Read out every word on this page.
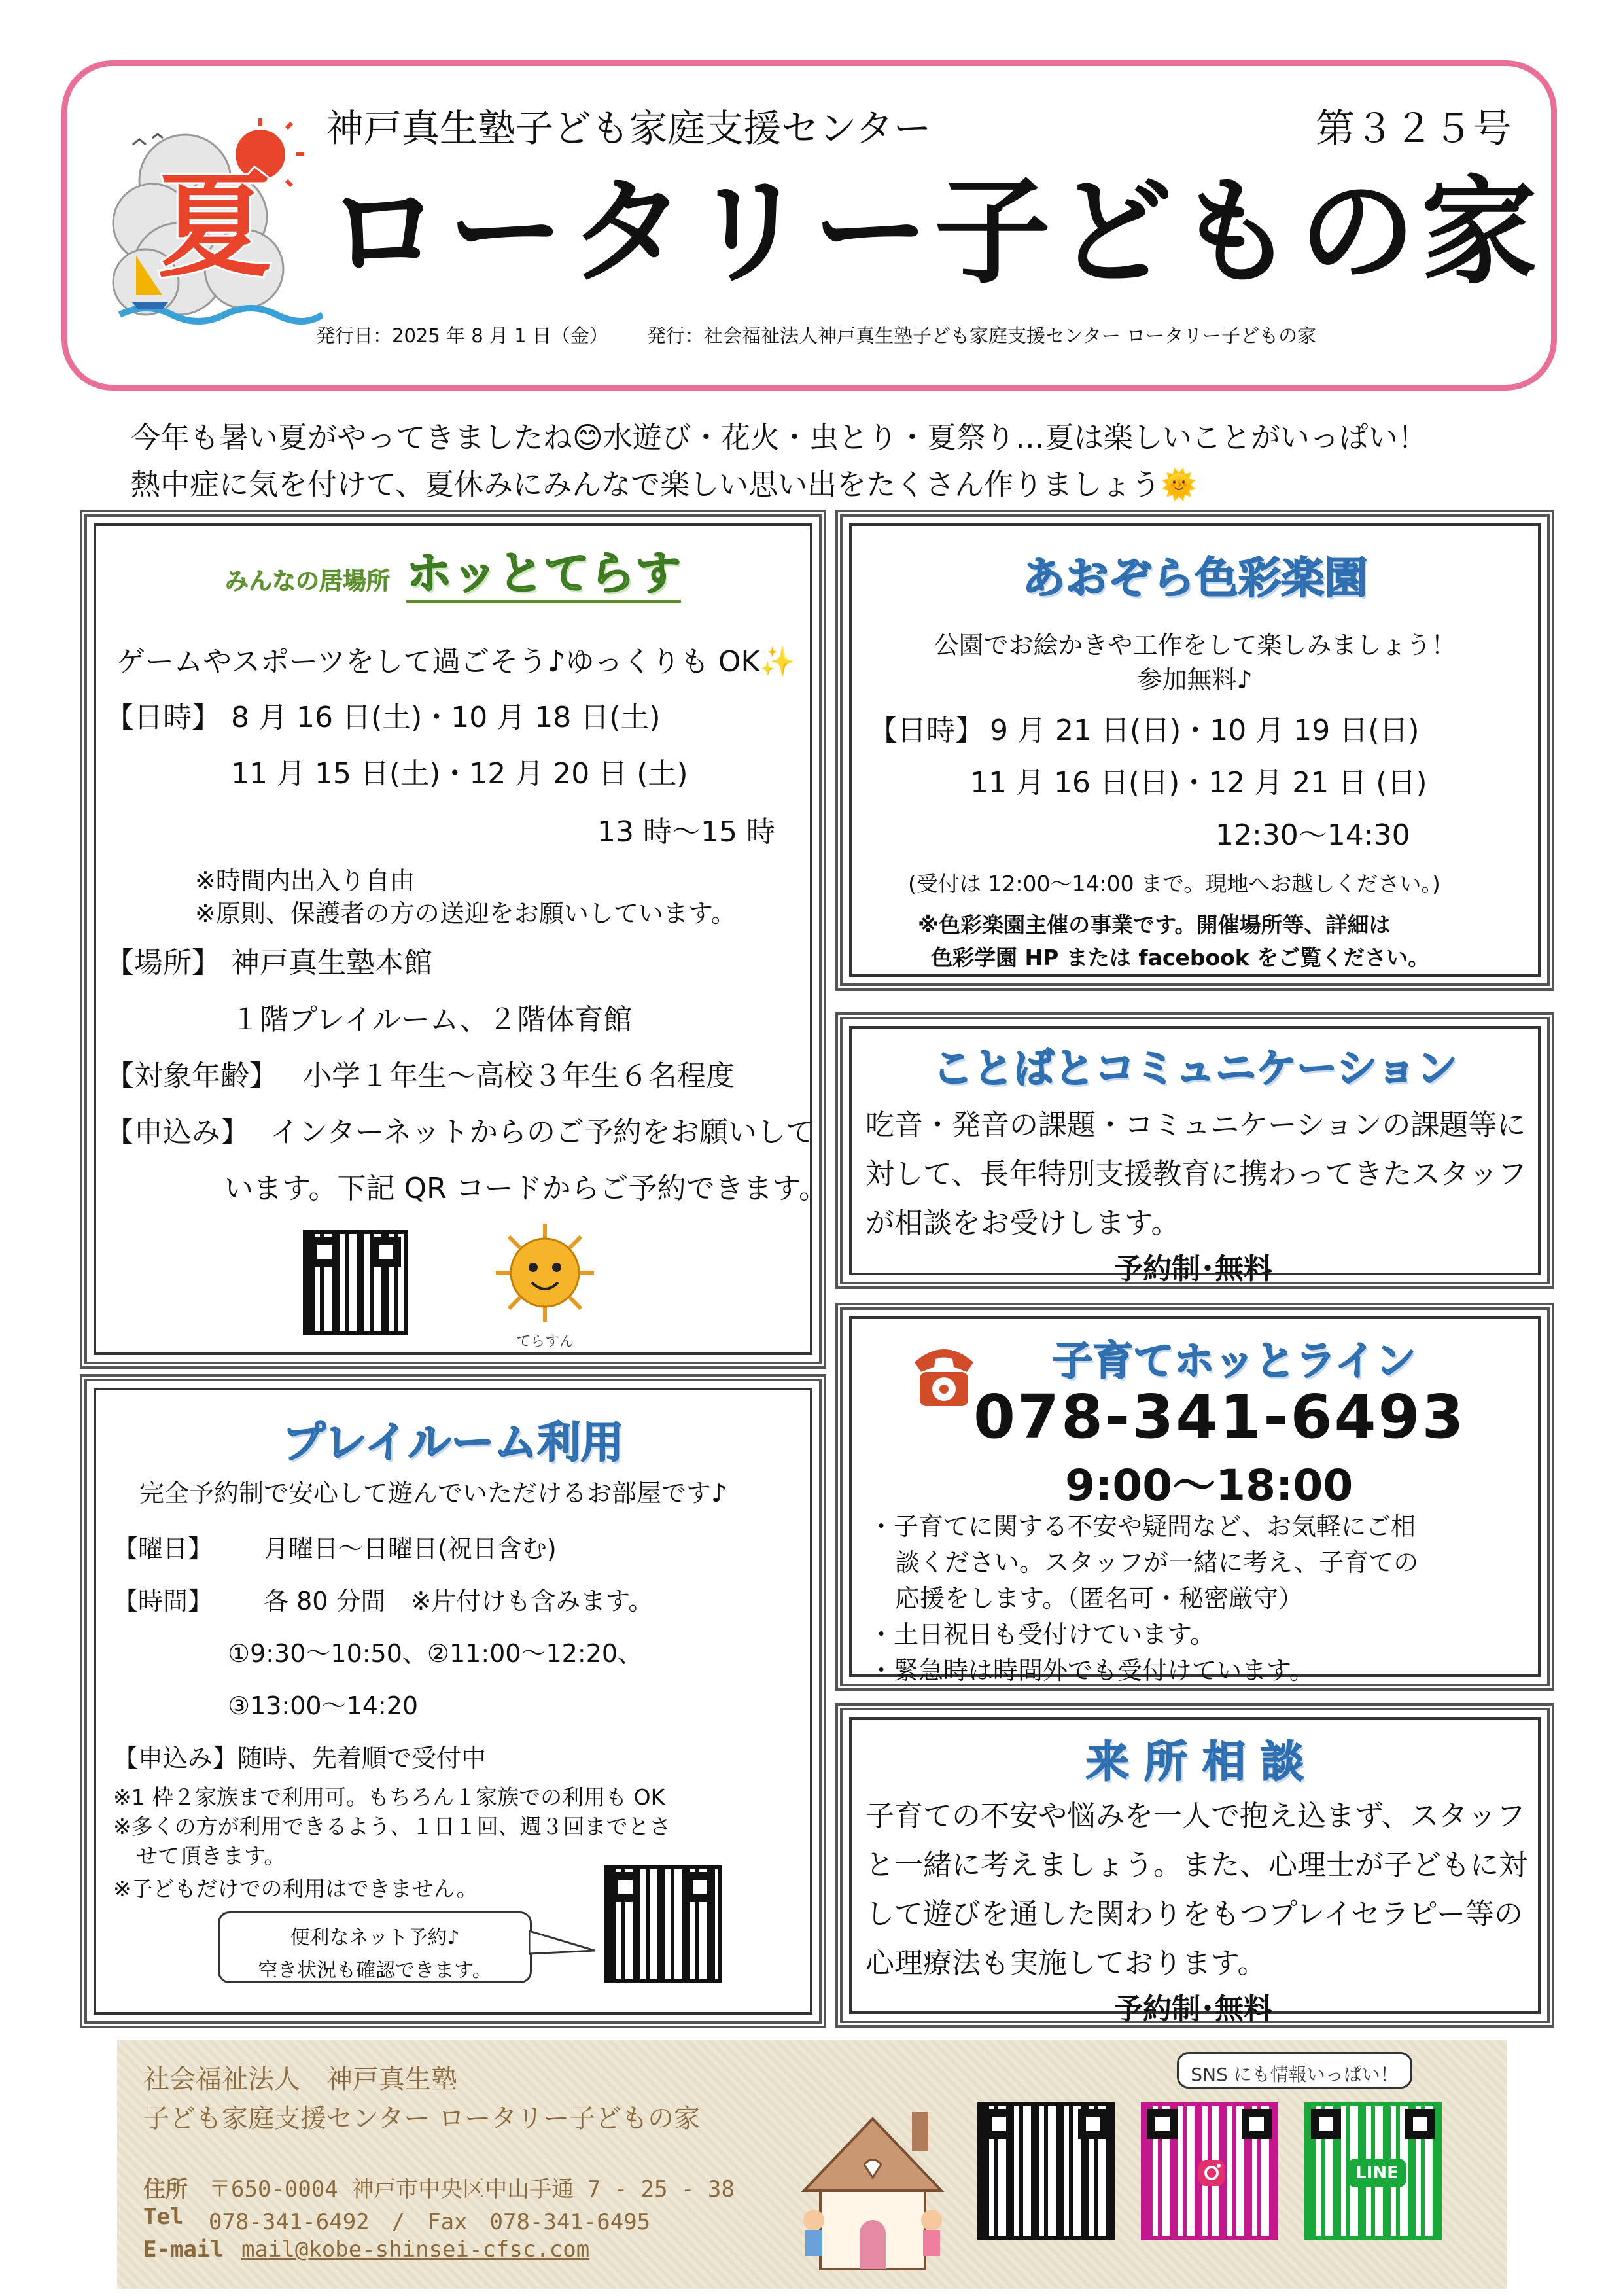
神戸真生塾子ども家庭支援センター	第３２５号
ロータリー子どもの家
発行日：2025 年 8 月 1 日（金） 発行：社会福祉法人神戸真生塾子ども家庭支援センター ロータリー子どもの家
夏
今年も暑い夏がやってきましたね😊水遊び・花火・虫とり・夏祭り…夏は楽しいことがいっぱい！
熱中症に気を付けて、夏休みにみんなで楽しい思い出をたくさん作りましょう🌞
みんなの居場所 ホッとてらす
ゲームやスポーツをして過ごそう♪ゆっくりも OK✨
【日時】 8 月 16 日(土)・10 月 18 日(土)
11 月 15 日(土)・12 月 20 日 (土)
13 時～15 時
※時間内出入り自由
※原則、保護者の方の送迎をお願いしています。
【場所】 神戸真生塾本館
１階プレイルーム、２階体育館
【対象年齢】 小学１年生～高校３年生６名程度
【申込み】 インターネットからのご予約をお願いして
います。下記 QR コードからご予約できます。
てらすん
プレイルーム利用
完全予約制で安心して遊んでいただけるお部屋です♪
【曜日】 月曜日～日曜日(祝日含む)
【時間】 各 80 分間　※片付けも含みます。
①9:30～10:50、②11:00～12:20、
③13:00～14:20
【申込み】 随時、先着順で受付中
※1 枠２家族まで利用可。もちろん１家族での利用も OK
※多くの方が利用できるよう、１日１回、週３回までとさ
せて頂きます。
※子どもだけでの利用はできません。
便利なネット予約♪
空き状況も確認できます。
あおぞら色彩楽園
公園でお絵かきや工作をして楽しみましょう！
参加無料♪
【日時】 9 月 21 日(日)・10 月 19 日(日)
11 月 16 日(日)・12 月 21 日 (日)
12:30～14:30
(受付は 12:00～14:00 まで。現地へお越しください。)
※色彩楽園主催の事業です。開催場所等、詳細は
色彩学園 HP または facebook をご覧ください。
ことばとコミュニケーション
吃音・発音の課題・コミュニケーションの課題等に
対して、長年特別支援教育に携わってきたスタッフ
が相談をお受けします。
予約制･無料
子育てホッとライン
078-341-6493
9:00～18:00
・子育てに関する不安や疑問など、お気軽にご相
談ください。スタッフが一緒に考え、子育ての
応援をします。（匿名可・秘密厳守）
・土日祝日も受付けています。
・緊急時は時間外でも受付けています。
来 所 相 談
子育ての不安や悩みを一人で抱え込まず、スタッフ
と一緒に考えましょう。また、心理士が子どもに対
して遊びを通した関わりをもつプレイセラピー等の
心理療法も実施しております。
予約制･無料
社会福祉法人　神戸真生塾
子ども家庭支援センター ロータリー子どもの家
住所 〒650-0004 神戸市中央区中山手通 7 - 25 - 38
Tel 078-341-6492　/　Fax　078-341-6495
E-mail mail@kobe-shinsei-cfsc.com
SNS にも情報いっぱい！
LINE
